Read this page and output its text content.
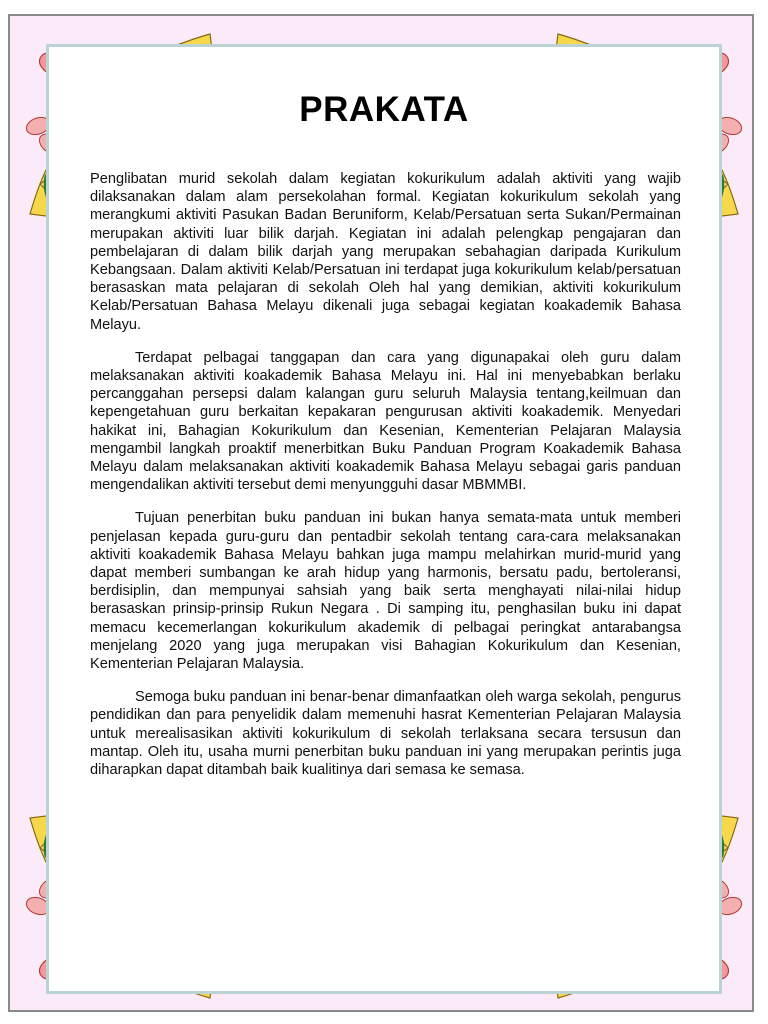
PRAKATA

Penglibatan murid sekolah dalam kegiatan kokurikulum adalah aktiviti yang wajib dilaksanakan dalam alam persekolahan formal. Kegiatan kokurikulum sekolah yang merangkumi aktiviti Pasukan Badan Beruniform, Kelab/Persatuan serta Sukan/Permainan merupakan aktiviti luar bilik darjah. Kegiatan ini adalah pelengkap pengajaran dan pembelajaran di dalam bilik darjah yang merupakan sebahagian daripada Kurikulum Kebangsaan. Dalam aktiviti Kelab/Persatuan ini terdapat juga kokurikulum kelab/persatuan berasaskan mata pelajaran di sekolah Oleh hal yang demikian, aktiviti kokurikulum Kelab/Persatuan Bahasa Melayu dikenali juga sebagai kegiatan koakademik Bahasa Melayu.

Terdapat pelbagai tanggapan dan cara yang digunapakai oleh guru dalam melaksanakan aktiviti koakademik Bahasa Melayu ini. Hal ini menyebabkan berlaku percanggahan persepsi dalam kalangan guru seluruh Malaysia tentang,keilmuan dan kepengetahuan guru berkaitan kepakaran pengurusan aktiviti koakademik. Menyedari hakikat ini, Bahagian Kokurikulum dan Kesenian, Kementerian Pelajaran Malaysia mengambil langkah proaktif menerbitkan Buku Panduan Program Koakademik Bahasa Melayu dalam melaksanakan aktiviti koakademik Bahasa Melayu sebagai garis panduan mengendalikan aktiviti tersebut demi menyungguhi dasar MBMMBI.

Tujuan penerbitan buku panduan ini bukan hanya semata-mata untuk memberi penjelasan kepada guru-guru dan pentadbir sekolah tentang cara-cara melaksanakan aktiviti koakademik Bahasa Melayu bahkan juga mampu melahirkan murid-murid yang dapat memberi sumbangan ke arah hidup yang harmonis, bersatu padu, bertoleransi, berdisiplin, dan mempunyai sahsiah yang baik serta menghayati nilai-nilai hidup berasaskan prinsip-prinsip Rukun Negara . Di samping itu, penghasilan buku ini dapat memacu kecemerlangan kokurikulum akademik di pelbagai peringkat antarabangsa menjelang 2020 yang juga merupakan visi Bahagian Kokurikulum dan Kesenian, Kementerian Pelajaran Malaysia.

Semoga buku panduan ini benar-benar dimanfaatkan oleh warga sekolah, pengurus pendidikan dan para penyelidik dalam memenuhi hasrat Kementerian Pelajaran Malaysia untuk merealisasikan aktiviti kokurikulum di sekolah terlaksana secara tersusun dan mantap. Oleh itu, usaha murni penerbitan buku panduan ini yang merupakan perintis juga diharapkan dapat ditambah baik kualitinya dari semasa ke semasa.
